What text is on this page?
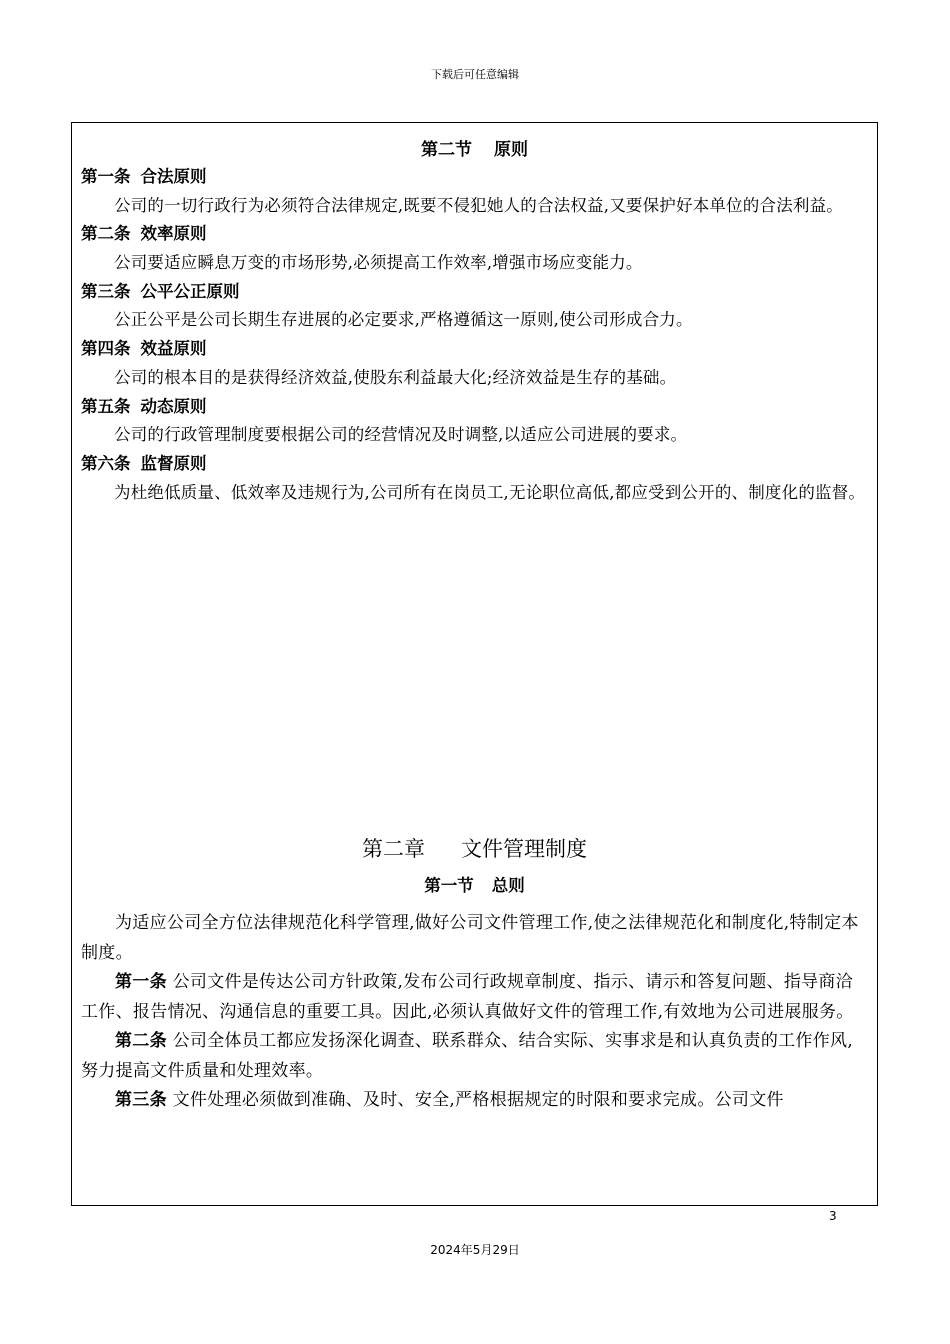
下载后可任意编辑
第二节 原则
第一条 合法原则
公司的一切行政行为必须符合法律规定,既要不侵犯她人的合法权益,又要保护好本单位的合法利益。
第二条 效率原则
公司要适应瞬息万变的市场形势,必须提高工作效率,增强市场应变能力。
第三条 公平公正原则
公正公平是公司长期生存进展的必定要求,严格遵循这一原则,使公司形成合力。
第四条 效益原则
公司的根本目的是获得经济效益,使股东利益最大化;经济效益是生存的基础。
第五条 动态原则
公司的行政管理制度要根据公司的经营情况及时调整,以适应公司进展的要求。
第六条 监督原则
为杜绝低质量、低效率及违规行为,公司所有在岗员工,无论职位高低,都应受到公开的、制度化的监督。
第二章 文件管理制度
第一节 总则
为适应公司全方位法律规范化科学管理,做好公司文件管理工作,使之法律规范化和制度化,特制定本制度。
第一条 公司文件是传达公司方针政策,发布公司行政规章制度、指示、请示和答复问题、指导商洽工作、报告情况、沟通信息的重要工具。因此,必须认真做好文件的管理工作,有效地为公司进展服务。
第二条 公司全体员工都应发扬深化调查、联系群众、结合实际、实事求是和认真负责的工作作风,努力提高文件质量和处理效率。
第三条 文件处理必须做到准确、及时、安全,严格根据规定的时限和要求完成。公司文件
3
2024年5月29日
